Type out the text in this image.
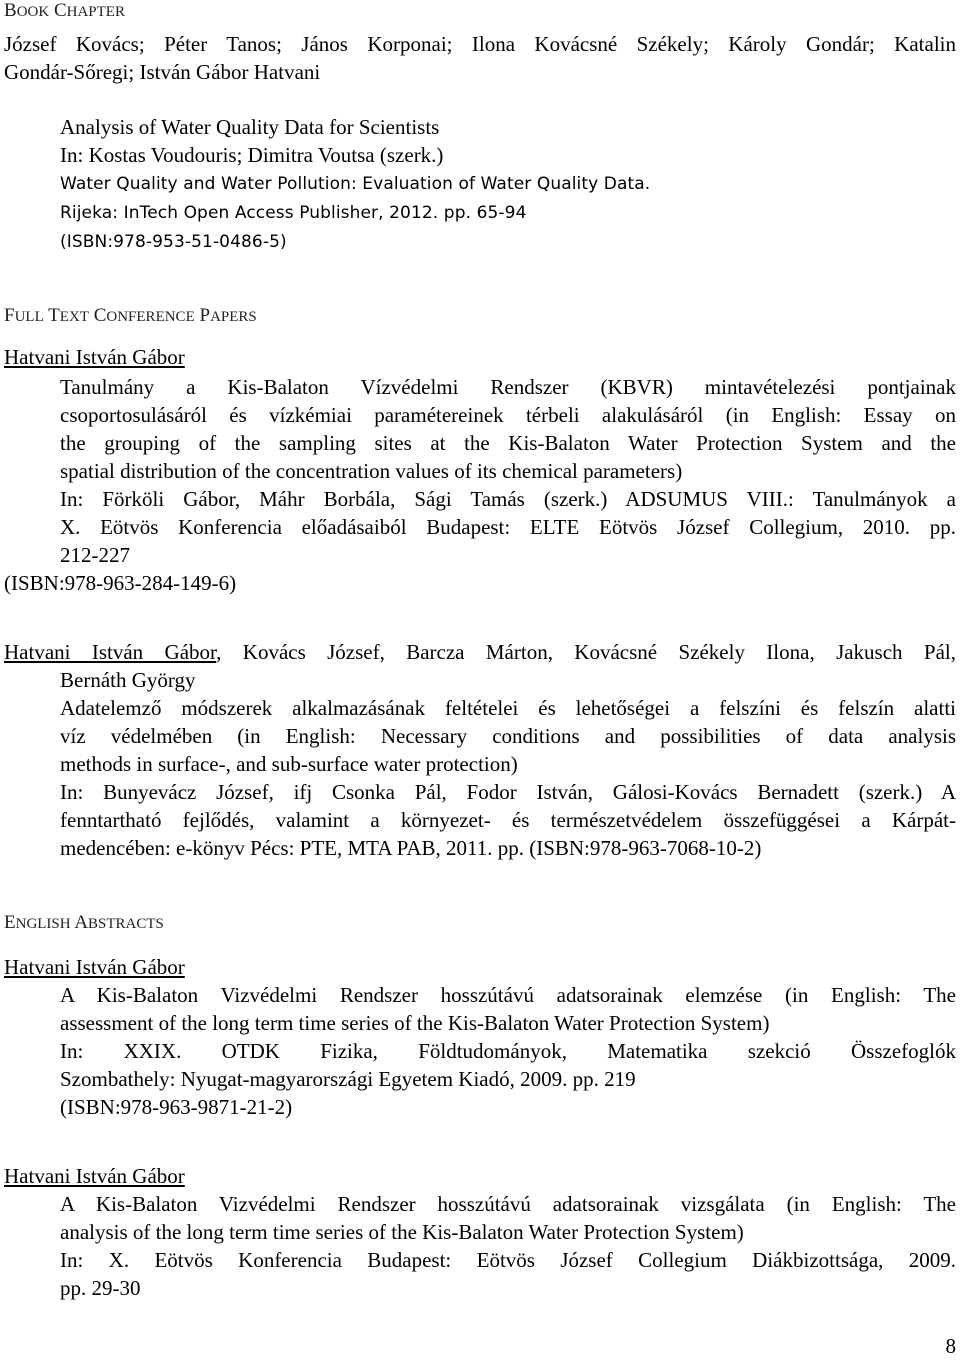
BOOK CHAPTER
József Kovács; Péter Tanos; János Korponai; Ilona Kovácsné Székely; Károly Gondár; Katalin
Gondár-Sőregi; István Gábor Hatvani
Analysis of Water Quality Data for Scientists
In: Kostas Voudouris; Dimitra Voutsa (szerk.)
Water Quality and Water Pollution: Evaluation of Water Quality Data.
Rijeka: InTech Open Access Publisher, 2012. pp. 65-94
(ISBN:978-953-51-0486-5)
FULL TEXT CONFERENCE PAPERS
Hatvani István Gábor
Tanulmány a Kis-Balaton Vízvédelmi Rendszer (KBVR) mintavételezési pontjainak
csoportosulásáról és vízkémiai paramétereinek térbeli alakulásáról (in English: Essay on
the grouping of the sampling sites at the Kis-Balaton Water Protection System and the
spatial distribution of the concentration values of its chemical parameters)
In: Förköli Gábor, Máhr Borbála, Sági Tamás (szerk.) ADSUMUS VIII.: Tanulmányok a
X. Eötvös Konferencia előadásaiból Budapest: ELTE Eötvös József Collegium, 2010. pp.
212-227
(ISBN:978-963-284-149-6)
Hatvani István Gábor, Kovács József, Barcza Márton, Kovácsné Székely Ilona, Jakusch Pál,
Bernáth György
Adatelemző módszerek alkalmazásának feltételei és lehetőségei a felszíni és felszín alatti
víz védelmében (in English: Necessary conditions and possibilities of data analysis
methods in surface-, and sub-surface water protection)
In: Bunyevácz József, ifj Csonka Pál, Fodor István, Gálosi-Kovács Bernadett (szerk.) A
fenntartható fejlődés, valamint a környezet- és természetvédelem összefüggései a Kárpát-
medencében: e-könyv Pécs: PTE, MTA PAB, 2011. pp. (ISBN:978-963-7068-10-2)
ENGLISH ABSTRACTS
Hatvani István Gábor
A Kis-Balaton Vizvédelmi Rendszer hosszútávú adatsorainak elemzése (in English: The
assessment of the long term time series of the Kis-Balaton Water Protection System)
In: XXIX. OTDK Fizika, Földtudományok, Matematika szekció Összefoglók
Szombathely: Nyugat-magyarországi Egyetem Kiadó, 2009. pp. 219
(ISBN:978-963-9871-21-2)
Hatvani István Gábor
A Kis-Balaton Vizvédelmi Rendszer hosszútávú adatsorainak vizsgálata (in English: The
analysis of the long term time series of the Kis-Balaton Water Protection System)
In: X. Eötvös Konferencia Budapest: Eötvös József Collegium Diákbizottsága, 2009.
pp. 29-30
8
